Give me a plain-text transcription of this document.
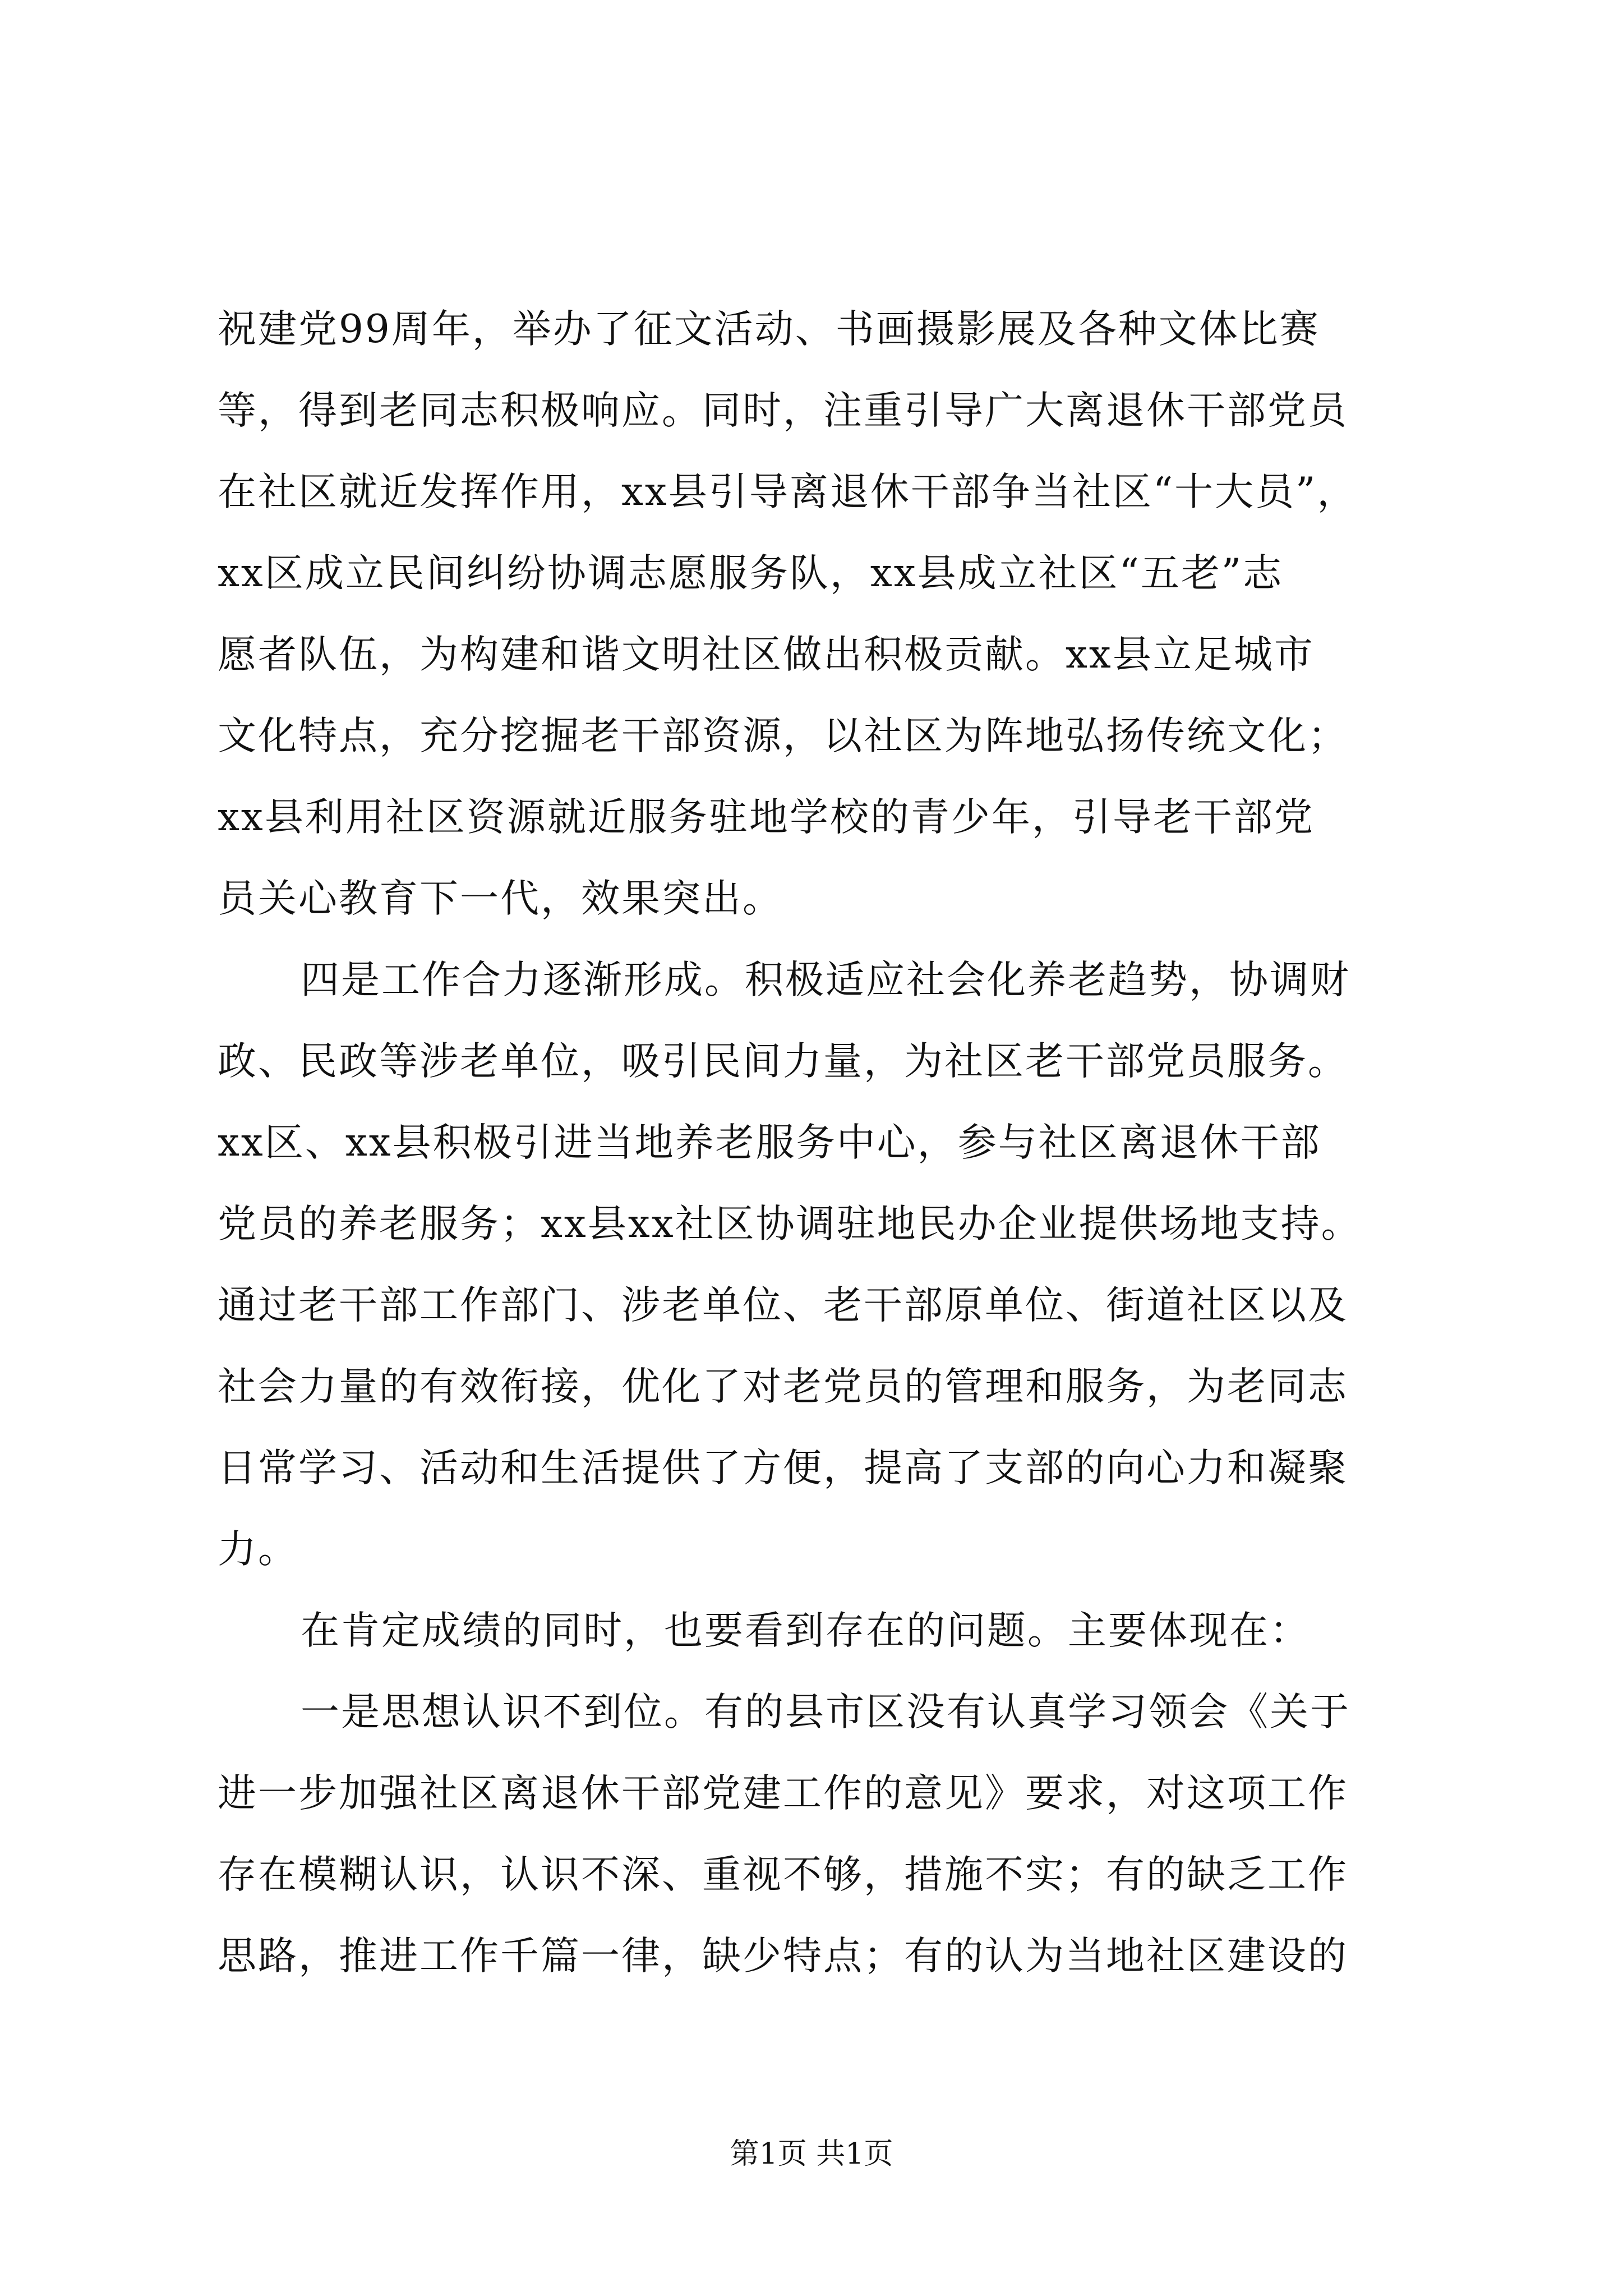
祝建党99周年，举办了征文活动、书画摄影展及各种文体比赛
等，得到老同志积极响应。同时，注重引导广大离退休干部党员
在社区就近发挥作用，xx县引导离退休干部争当社区“十大员”，
xx区成立民间纠纷协调志愿服务队，xx县成立社区“五老”志
愿者队伍，为构建和谐文明社区做出积极贡献。xx县立足城市
文化特点，充分挖掘老干部资源，以社区为阵地弘扬传统文化；
xx县利用社区资源就近服务驻地学校的青少年，引导老干部党
员关心教育下一代，效果突出。
四是工作合力逐渐形成。积极适应社会化养老趋势，协调财
政、民政等涉老单位，吸引民间力量，为社区老干部党员服务。
xx区、xx县积极引进当地养老服务中心，参与社区离退休干部
党员的养老服务；xx县xx社区协调驻地民办企业提供场地支持。
通过老干部工作部门、涉老单位、老干部原单位、街道社区以及
社会力量的有效衔接，优化了对老党员的管理和服务，为老同志
日常学习、活动和生活提供了方便，提高了支部的向心力和凝聚
力。
在肯定成绩的同时，也要看到存在的问题。主要体现在：
一是思想认识不到位。有的县市区没有认真学习领会《关于
进一步加强社区离退休干部党建工作的意见》要求，对这项工作
存在模糊认识，认识不深、重视不够，措施不实；有的缺乏工作
思路，推进工作千篇一律，缺少特点；有的认为当地社区建设的
第1页 共1页
